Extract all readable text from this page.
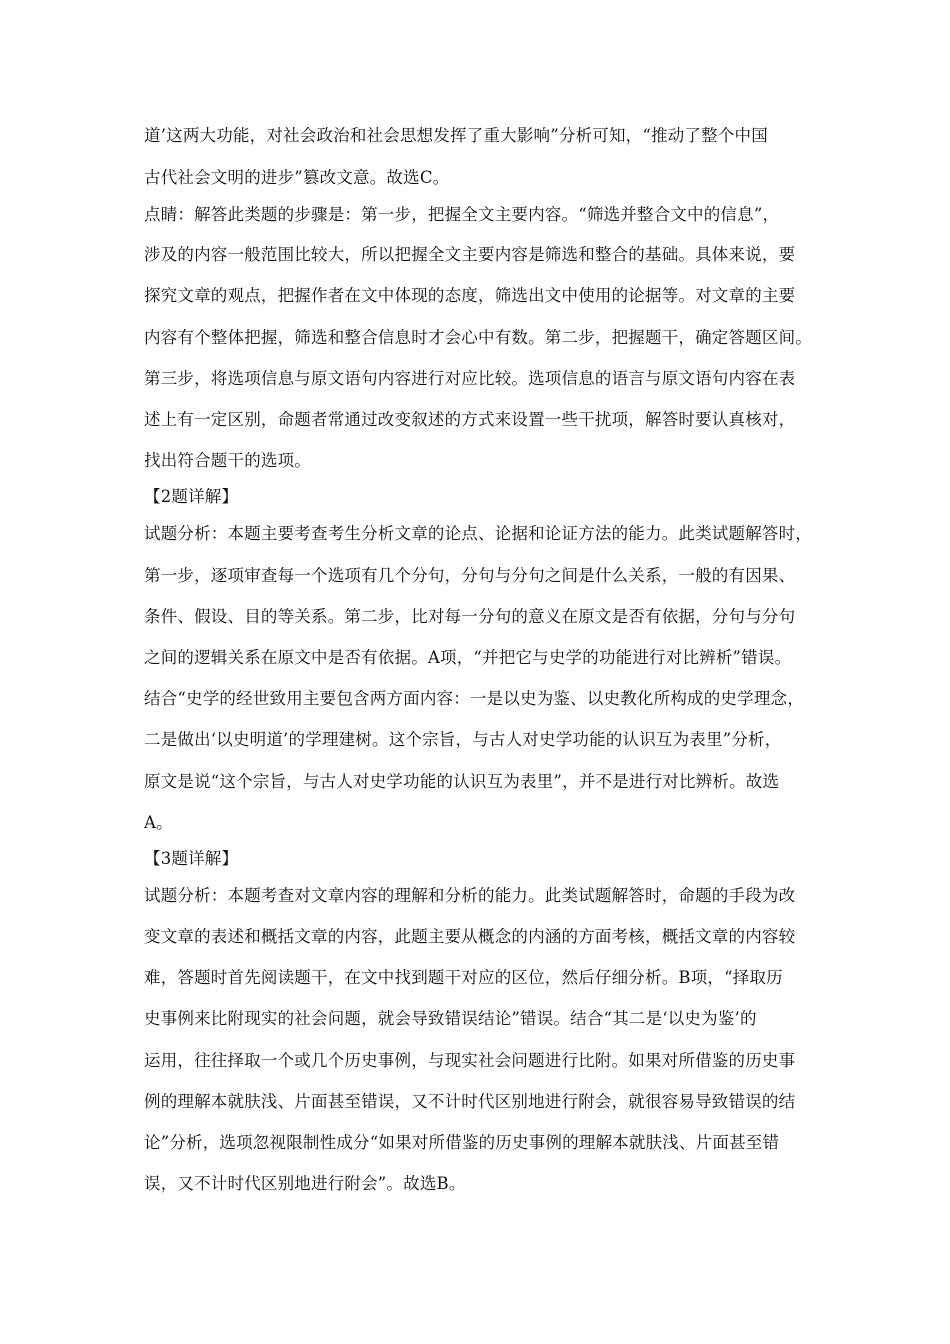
道’这两大功能，对社会政治和社会思想发挥了重大影响”分析可知，“推动了整个中国
古代社会文明的进步”篡改文意。故选C。
点睛：解答此类题的步骤是：第一步，把握全文主要内容。“筛选并整合文中的信息”，
涉及的内容一般范围比较大，所以把握全文主要内容是筛选和整合的基础。具体来说，要
探究文章的观点，把握作者在文中体现的态度，筛选出文中使用的论据等。对文章的主要
内容有个整体把握，筛选和整合信息时才会心中有数。第二步，把握题干，确定答题区间。
第三步，将选项信息与原文语句内容进行对应比较。选项信息的语言与原文语句内容在表
述上有一定区别，命题者常通过改变叙述的方式来设置一些干扰项，解答时要认真核对，
找出符合题干的选项。
【2题详解】
试题分析：本题主要考查考生分析文章的论点、论据和论证方法的能力。此类试题解答时，
第一步，逐项审查每一个选项有几个分句，分句与分句之间是什么关系，一般的有因果、
条件、假设、目的等关系。第二步，比对每一分句的意义在原文是否有依据，分句与分句
之间的逻辑关系在原文中是否有依据。A项，“并把它与史学的功能进行对比辨析”错误。
结合“史学的经世致用主要包含两方面内容：一是以史为鉴、以史教化所构成的史学理念，
二是做出‘以史明道’的学理建树。这个宗旨，与古人对史学功能的认识互为表里”分析，
原文是说“这个宗旨，与古人对史学功能的认识互为表里”，并不是进行对比辨析。故选
A。
【3题详解】
试题分析：本题考查对文章内容的理解和分析的能力。此类试题解答时，命题的手段为改
变文章的表述和概括文章的内容，此题主要从概念的内涵的方面考核，概括文章的内容较
难，答题时首先阅读题干，在文中找到题干对应的区位，然后仔细分析。B项，“择取历
史事例来比附现实的社会问题，就会导致错误结论”错误。结合“其二是‘以史为鉴’的
运用，往往择取一个或几个历史事例，与现实社会问题进行比附。如果对所借鉴的历史事
例的理解本就肤浅、片面甚至错误，又不计时代区别地进行附会，就很容易导致错误的结
论”分析，选项忽视限制性成分“如果对所借鉴的历史事例的理解本就肤浅、片面甚至错
误，又不计时代区别地进行附会”。故选B。
